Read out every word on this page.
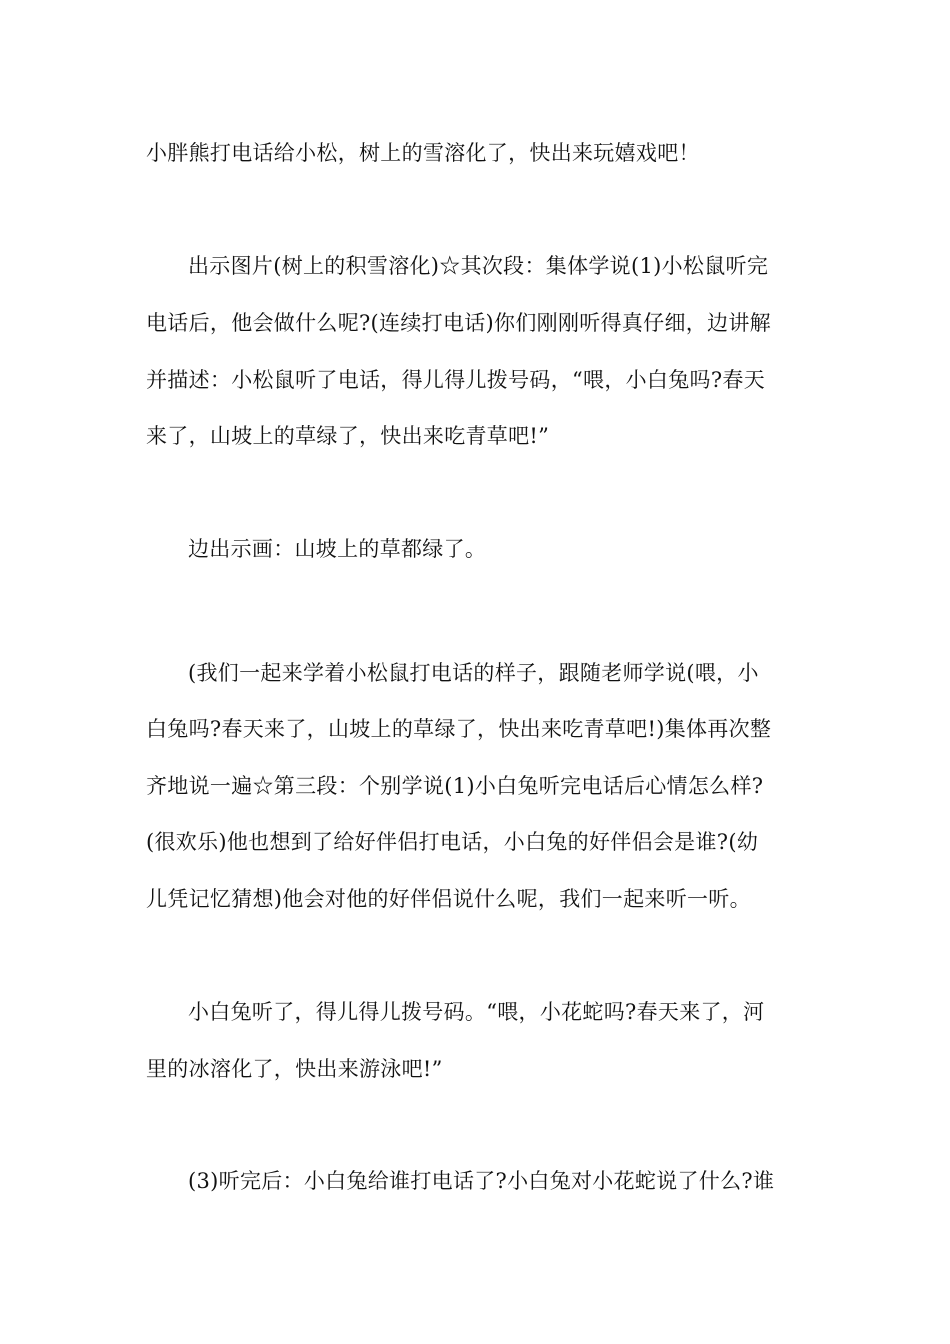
小胖熊打电话给小松，树上的雪溶化了，快出来玩嬉戏吧！
出示图片(树上的积雪溶化)☆其次段：集体学说(1)小松鼠听完
电话后，他会做什么呢?(连续打电话)你们刚刚听得真仔细，边讲解
并描述：小松鼠听了电话，得儿得儿拨号码，“喂，小白兔吗?春天
来了，山坡上的草绿了，快出来吃青草吧!”
边出示画：山坡上的草都绿了。
(我们一起来学着小松鼠打电话的样子，跟随老师学说(喂，小
白兔吗?春天来了，山坡上的草绿了，快出来吃青草吧!)集体再次整
齐地说一遍☆第三段：个别学说(1)小白兔听完电话后心情怎么样?
(很欢乐)他也想到了给好伴侣打电话，小白兔的好伴侣会是谁?(幼
儿凭记忆猜想)他会对他的好伴侣说什么呢，我们一起来听一听。
小白兔听了，得儿得儿拨号码。“喂，小花蛇吗?春天来了，河
里的冰溶化了，快出来游泳吧!”
(3)听完后：小白兔给谁打电话了?小白兔对小花蛇说了什么?谁
